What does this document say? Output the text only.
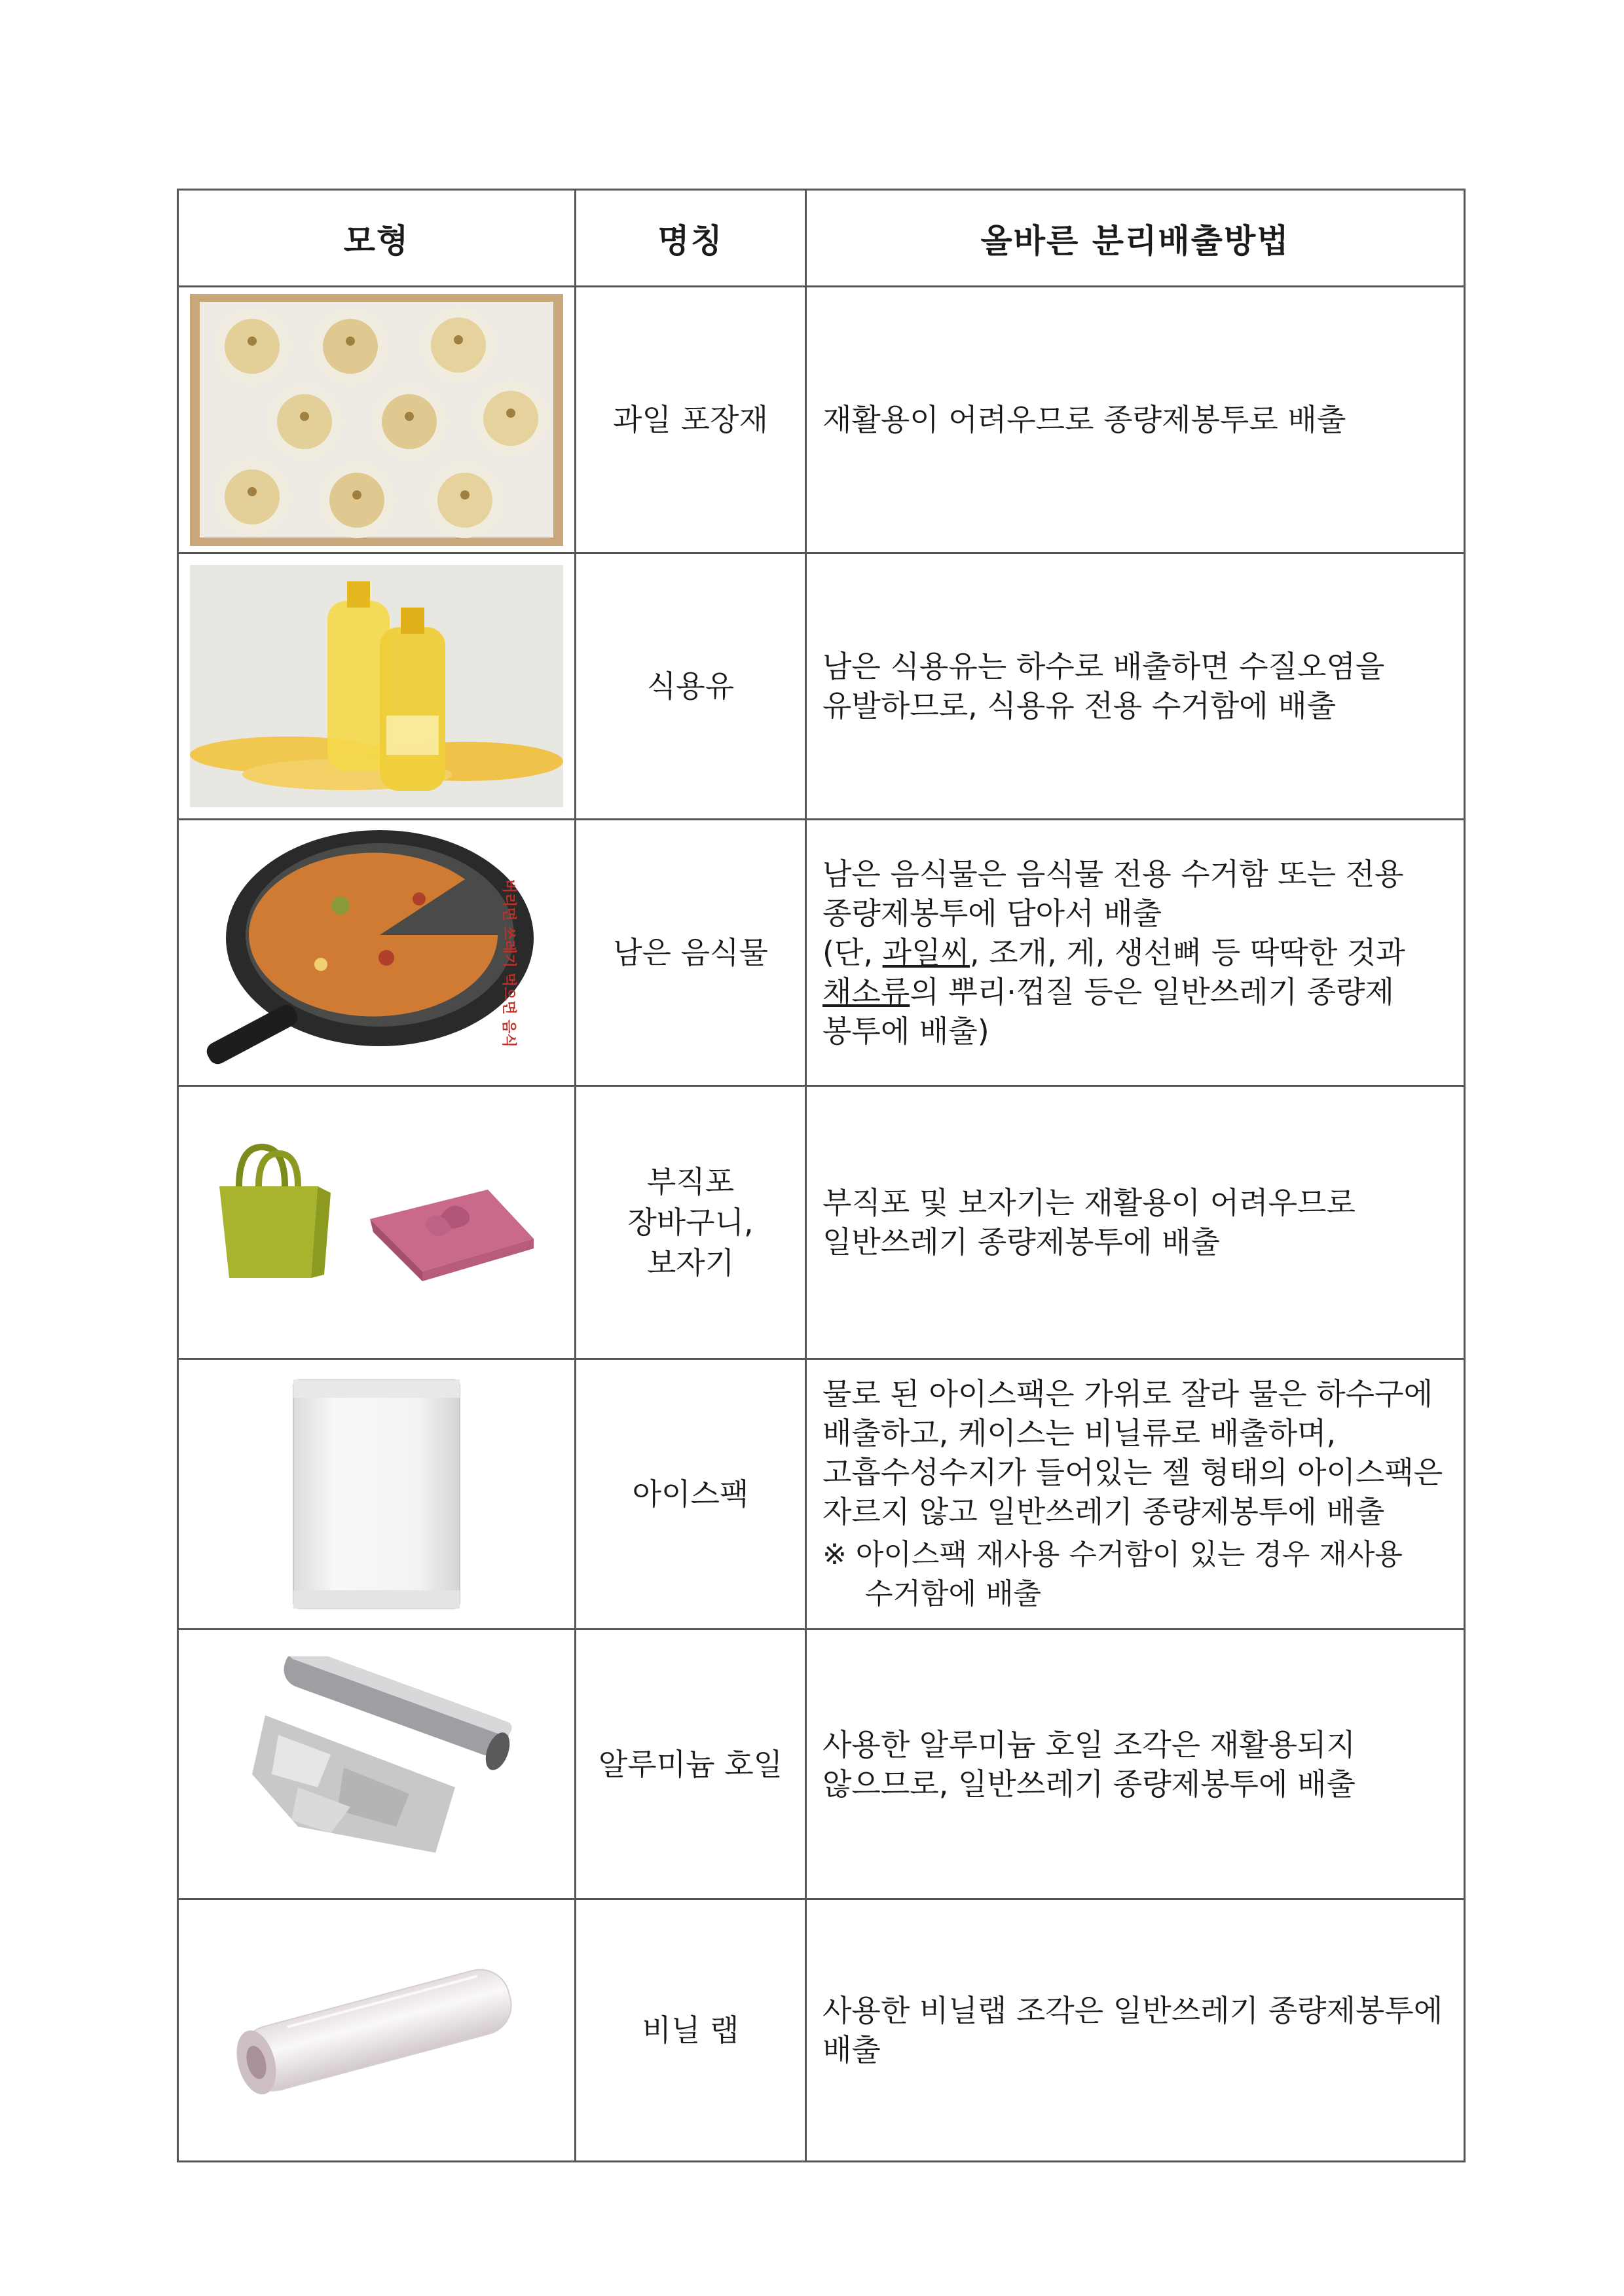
모형	명칭	올바른 분리배출방법

	과일 포장재	재활용이 어려우므로 종량제봉투로 배출

	식용유	남은 식용유는 하수로 배출하면 수질오염을 유발하므로, 식용유 전용 수거함에 배출

버리면 쓰레기 먹으면 음식	남은 음식물	남은 음식물은 음식물 전용 수거함 또는 전용 종량제봉투에 담아서 배출
(단, 과일씨, 조개, 게, 생선뼈 등 딱딱한 것과 채소류의 뿌리·껍질 등은 일반쓰레기 종량제 봉투에 배출)

	부직포
장바구니,
보자기	부직포 및 보자기는 재활용이 어려우므로 일반쓰레기 종량제봉투에 배출

	아이스팩	물로 된 아이스팩은 가위로 잘라 물은 하수구에 배출하고, 케이스는 비닐류로 배출하며, 고흡수성수지가 들어있는 젤 형태의 아이스팩은 자르지 않고 일반쓰레기 종량제봉투에 배출
※ 아이스팩 재사용 수거함이 있는 경우 재사용 수거함에 배출

	알루미늄 호일	사용한 알루미늄 호일 조각은 재활용되지 않으므로, 일반쓰레기 종량제봉투에 배출

	비닐 랩	사용한 비닐랩 조각은 일반쓰레기 종량제봉투에 배출
